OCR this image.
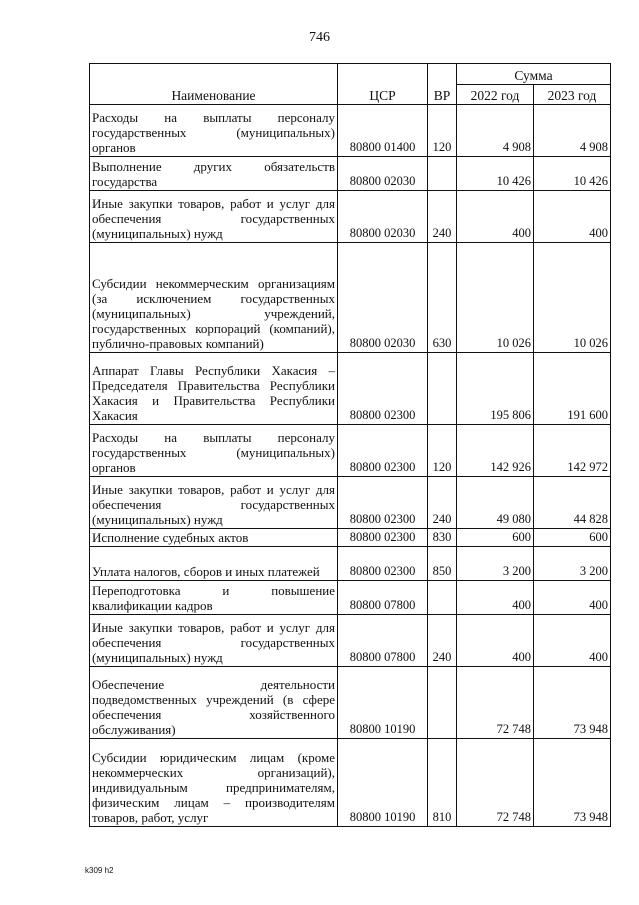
746
Наименование	ЦСР	ВР	Сумма	
			2022 год	2023 год
Расходы на выплаты персоналу государственных (муниципальных) органов	80800 01400	120	4 908	4 908
Выполнение других обязательств государства	80800 02030		10 426	10 426
Иные закупки товаров, работ и услуг для обеспечения государственных (муниципальных) нужд	80800 02030	240	400	400
Субсидии некоммерческим организациям (за исключением государственных (муниципальных) учреждений, государственных корпораций (компаний), публично-правовых компаний)	80800 02030	630	10 026	10 026
Аппарат Главы Республики Хакасия – Председателя Правительства Республики Хакасия и Правительства Республики Хакасия	80800 02300		195 806	191 600
Расходы на выплаты персоналу государственных (муниципальных) органов	80800 02300	120	142 926	142 972
Иные закупки товаров, работ и услуг для обеспечения государственных (муниципальных) нужд	80800 02300	240	49 080	44 828
Исполнение судебных актов	80800 02300	830	600	600
Уплата налогов, сборов и иных платежей	80800 02300	850	3 200	3 200
Переподготовка и повышение квалификации кадров	80800 07800		400	400
Иные закупки товаров, работ и услуг для обеспечения государственных (муниципальных) нужд	80800 07800	240	400	400
Обеспечение деятельности подведомственных учреждений (в сфере обеспечения хозяйственного обслуживания)	80800 10190		72 748	73 948
Субсидии юридическим лицам (кроме некоммерческих организаций), индивидуальным предпринимателям, физическим лицам – производителям товаров, работ, услуг	80800 10190	810	72 748	73 948
k309 h2
